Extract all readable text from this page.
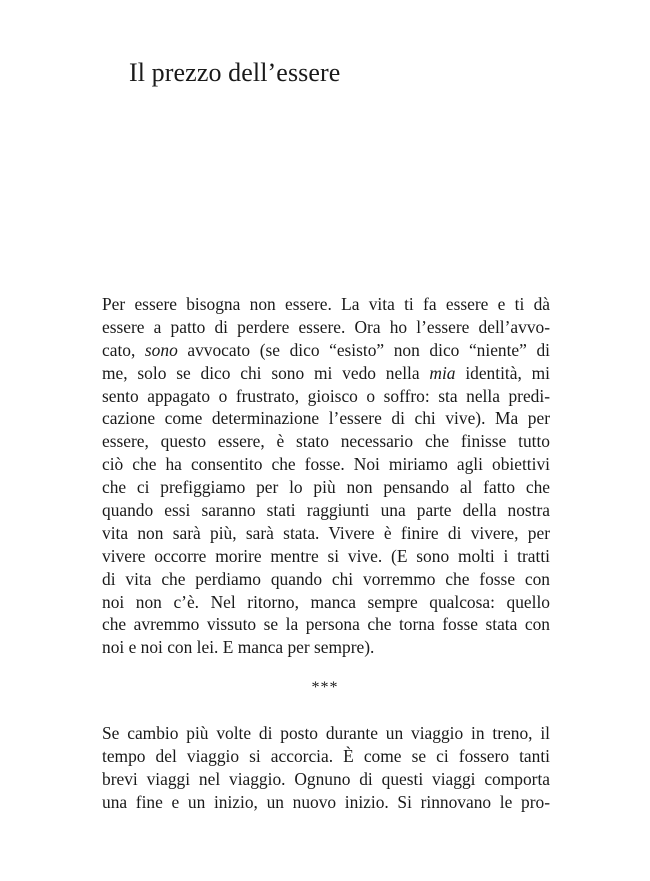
Il prezzo dell’essere
Per essere bisogna non essere. La vita ti fa essere e ti dà
essere a patto di perdere essere. Ora ho l’essere dell’avvo-
cato, sono avvocato (se dico “esisto” non dico “niente” di
me, solo se dico chi sono mi vedo nella mia identità, mi
sento appagato o frustrato, gioisco o soffro: sta nella predi-
cazione come determinazione l’essere di chi vive). Ma per
essere, questo essere, è stato necessario che finisse tutto
ciò che ha consentito che fosse. Noi miriamo agli obiettivi
che ci prefiggiamo per lo più non pensando al fatto che
quando essi saranno stati raggiunti una parte della nostra
vita non sarà più, sarà stata. Vivere è finire di vivere, per
vivere occorre morire mentre si vive. (E sono molti i tratti
di vita che perdiamo quando chi vorremmo che fosse con
noi non c’è. Nel ritorno, manca sempre qualcosa: quello
che avremmo vissuto se la persona che torna fosse stata con
noi e noi con lei. E manca per sempre).
***
Se cambio più volte di posto durante un viaggio in treno, il
tempo del viaggio si accorcia. È come se ci fossero tanti
brevi viaggi nel viaggio. Ognuno di questi viaggi comporta
una fine e un inizio, un nuovo inizio. Si rinnovano le pro-
